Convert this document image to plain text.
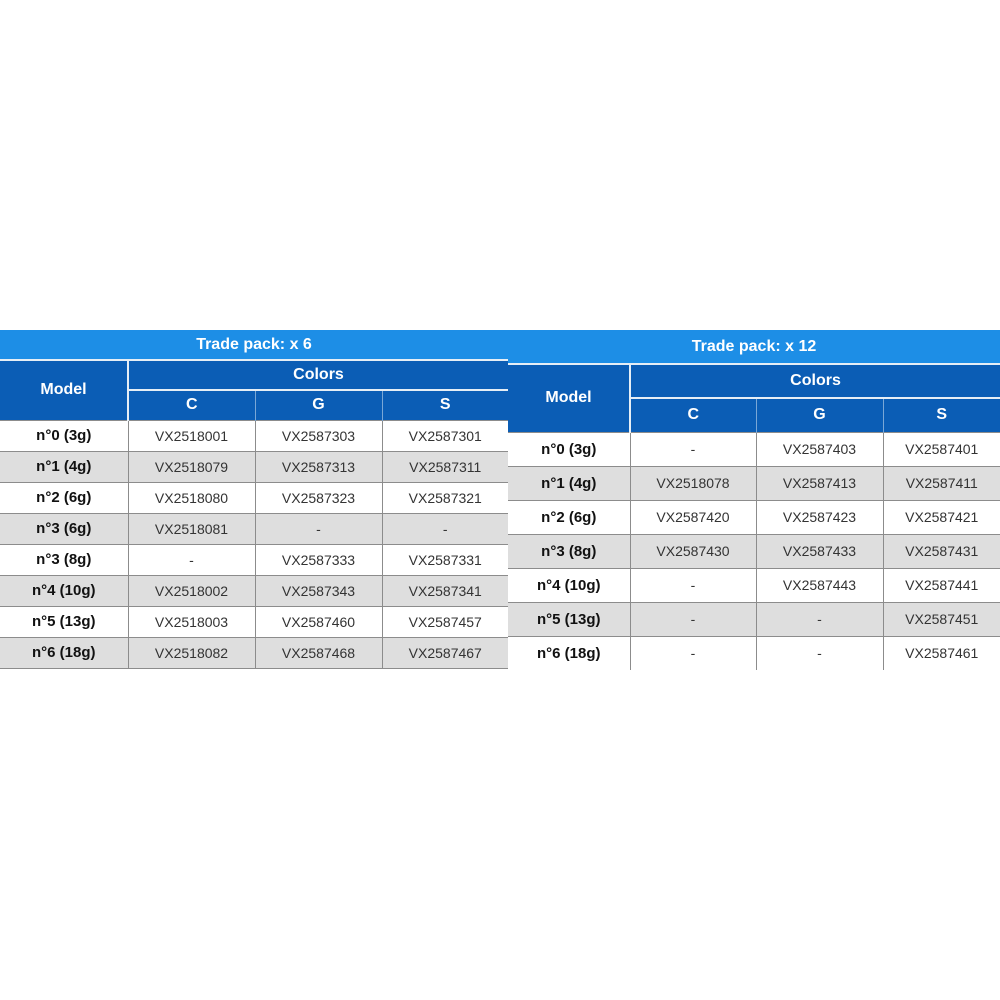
Trade pack: x 6			
Model	Colors		
	C	G	S
n°0 (3g)	VX2518001	VX2587303	VX2587301
n°1 (4g)	VX2518079	VX2587313	VX2587311
n°2 (6g)	VX2518080	VX2587323	VX2587321
n°3 (6g)	VX2518081	-	-
n°3 (8g)	-	VX2587333	VX2587331
n°4 (10g)	VX2518002	VX2587343	VX2587341
n°5 (13g)	VX2518003	VX2587460	VX2587457
n°6 (18g)	VX2518082	VX2587468	VX2587467
Trade pack: x 12			
Model	Colors		
	C	G	S
n°0 (3g)	-	VX2587403	VX2587401
n°1 (4g)	VX2518078	VX2587413	VX2587411
n°2 (6g)	VX2587420	VX2587423	VX2587421
n°3 (8g)	VX2587430	VX2587433	VX2587431
n°4 (10g)	-	VX2587443	VX2587441
n°5 (13g)	-	-	VX2587451
n°6 (18g)	-	-	VX2587461
